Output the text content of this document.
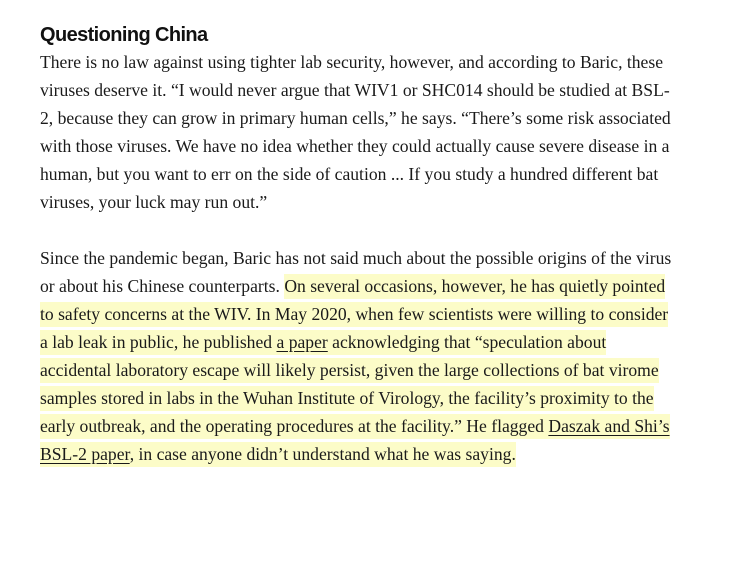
Questioning China

There is no law against using tighter lab security, however, and according to Baric, these viruses deserve it. “I would never argue that WIV1 or SHC014 should be studied at BSL-2, because they can grow in primary human cells,” he says. “There’s some risk associated with those viruses. We have no idea whether they could actually cause severe disease in a human, but you want to err on the side of caution ... If you study a hundred different bat viruses, your luck may run out.”

Since the pandemic began, Baric has not said much about the possible origins of the virus or about his Chinese counterparts. On several occasions, however, he has quietly pointed to safety concerns at the WIV. In May 2020, when few scientists were willing to consider a lab leak in public, he published a paper acknowledging that “speculation about accidental laboratory escape will likely persist, given the large collections of bat virome samples stored in labs in the Wuhan Institute of Virology, the facility’s proximity to the early outbreak, and the operating procedures at the facility.” He flagged Daszak and Shi’s BSL-2 paper, in case anyone didn’t understand what he was saying.
